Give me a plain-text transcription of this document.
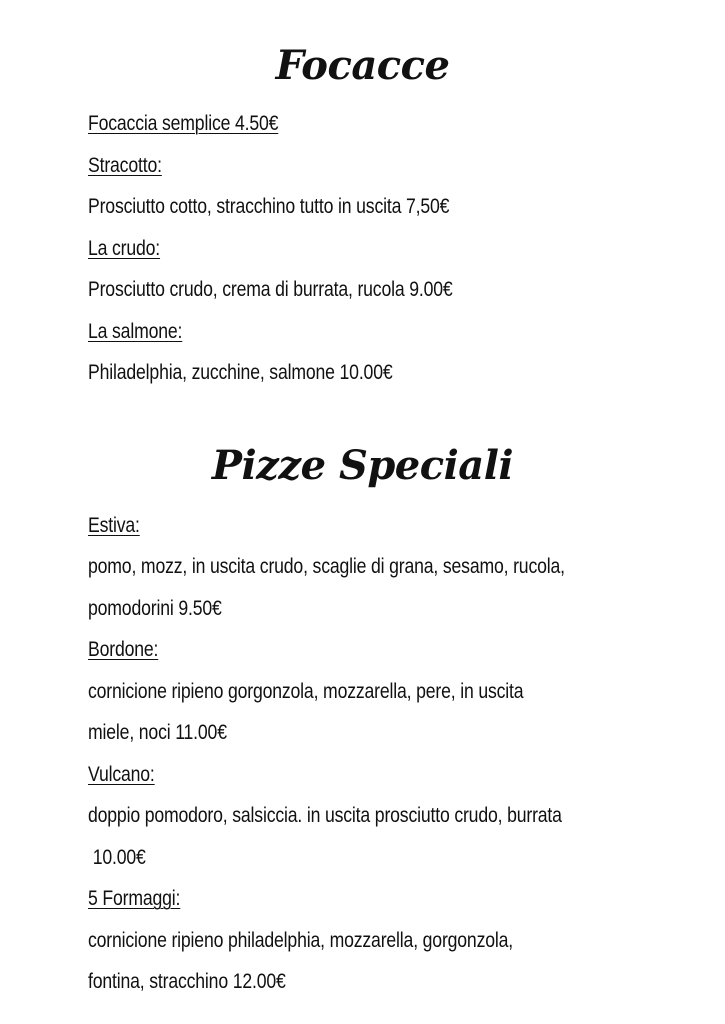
Focacce
Focaccia semplice 4.50€
Stracotto:
Prosciutto cotto, stracchino tutto in uscita 7,50€
La crudo:
Prosciutto crudo, crema di burrata, rucola 9.00€
La salmone:
Philadelphia, zucchine, salmone 10.00€
Pizze Speciali
Estiva:
pomo, mozz, in uscita crudo, scaglie di grana, sesamo, rucola,
pomodorini 9.50€
Bordone:
cornicione ripieno gorgonzola, mozzarella, pere, in uscita
miele, noci 11.00€
Vulcano:
doppio pomodoro, salsiccia. in uscita prosciutto crudo, burrata
10.00€
5 Formaggi:
cornicione ripieno philadelphia, mozzarella, gorgonzola,
fontina, stracchino 12.00€
